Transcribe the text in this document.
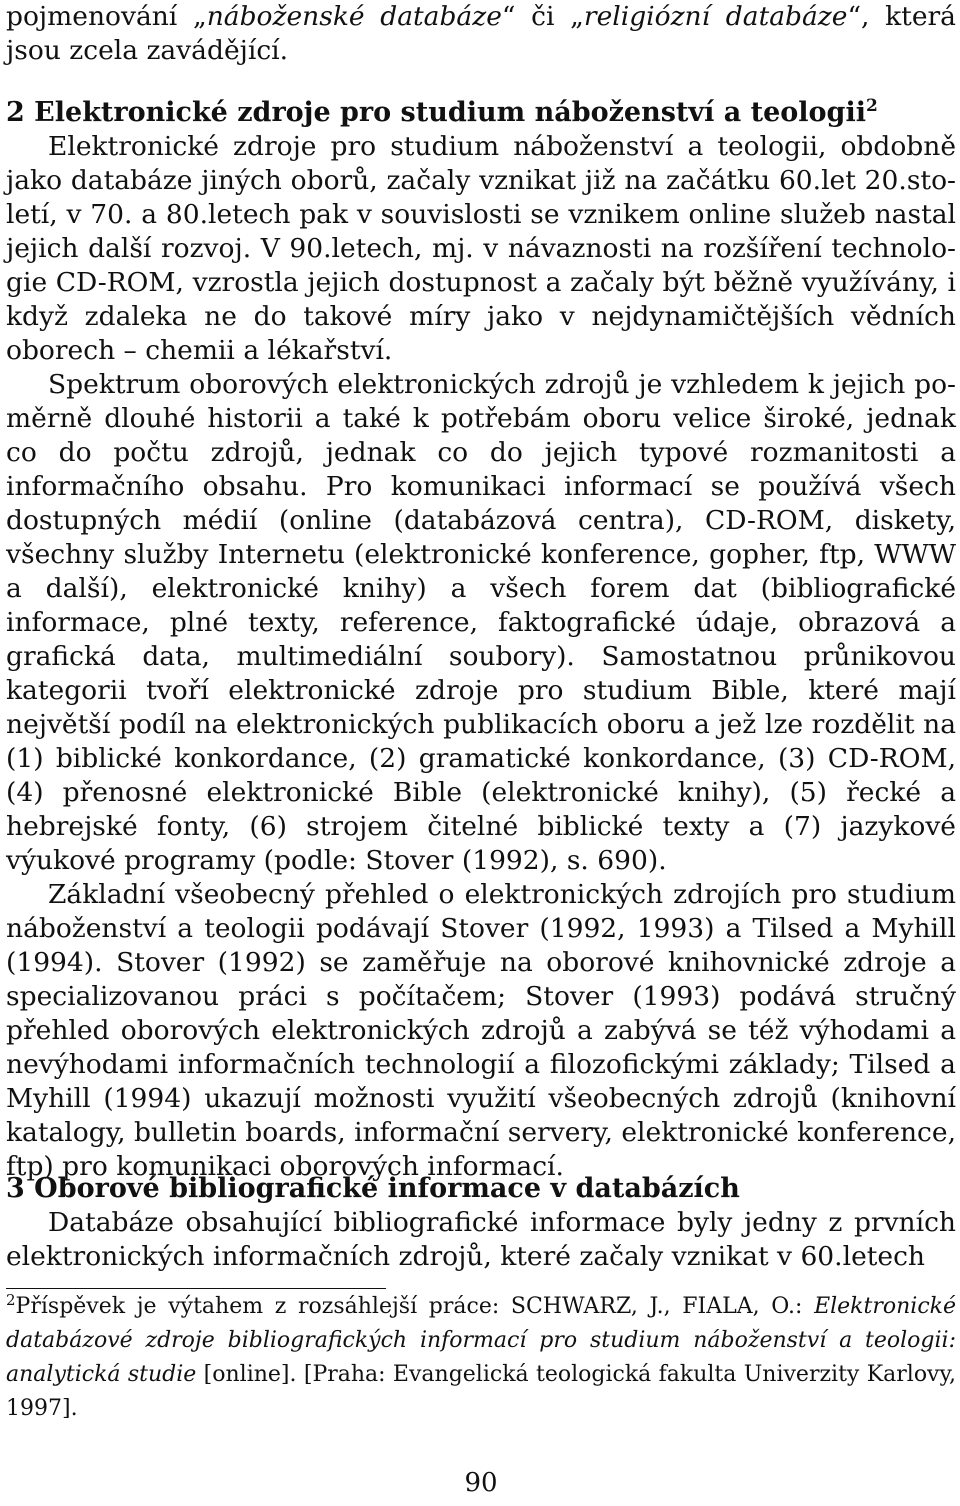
pojmenování „náboženské databáze“ či „religiózní databáze“, která jsou zcela zavádějící.

2 Elektronické zdroje pro studium náboženství a teologii$^2$

Elektronické zdroje pro studium náboženství a teologii, obdobně jako databáze jiných oborů, začaly vznikat již na začátku 60.let 20.století, v 70. a 80.letech pak v souvislosti se vznikem online služeb nastal jejich další rozvoj. V 90.letech, mj. v návaznosti na rozšíření technologie CD-ROM, vzrostla jejich dostupnost a začaly být běžně využívány, i když zdaleka ne do takové míry jako v nejdynamičtějších vědních oborech – chemii a lékařství.

Spektrum oborových elektronických zdrojů je vzhledem k jejich poměrně dlouhé historii a také k potřebám oboru velice široké, jednak co do počtu zdrojů, jednak co do jejich typové rozmanitosti a informačního obsahu. Pro komunikaci informací se používá všech dostupných médií (online (databázová centra), CD-ROM, diskety, všechny služby Internetu (elektronické konference, gopher, ftp, WWW a další), elektronické knihy) a všech forem dat (bibliografické informace, plné texty, reference, faktografické údaje, obrazová a grafická data, multimediální soubory). Samostatnou průnikovou kategorii tvoří elektronické zdroje pro studium Bible, které mají největší podíl na elektronických publikacích oboru a jež lze rozdělit na (1) biblické konkordance, (2) gramatické konkordance, (3) CD-ROM, (4) přenosné elektronické Bible (elektronické knihy), (5) řecké a hebrejské fonty, (6) strojem čitelné biblické texty a (7) jazykové výukové programy (podle: Stover (1992), s. 690).

Základní všeobecný přehled o elektronických zdrojích pro studium náboženství a teologii podávají Stover (1992, 1993) a Tilsed a Myhill (1994). Stover (1992) se zaměřuje na oborové knihovnické zdroje a specializovanou práci s počítačem; Stover (1993) podává stručný přehled oborových elektronických zdrojů a zabývá se též výhodami a nevýhodami informačních technologií a filozofickými základy; Tilsed a Myhill (1994) ukazují možnosti využití všeobecných zdrojů (knihovní katalogy, bulletin boards, informační servery, elektronické konference, ftp) pro komunikaci oborových informací.

3 Oborové bibliografické informace v databázích

Databáze obsahující bibliografické informace byly jedny z prvních elektronických informačních zdrojů, které začaly vznikat v 60.letech

$^2$Příspěvek je výtahem z rozsáhlejší práce: SCHWARZ, J., FIALA, O.: Elektronické databázové zdroje bibliografických informací pro studium náboženství a teologii: analytická studie [online]. [Praha: Evangelická teologická fakulta Univerzity Karlovy, 1997].

90
